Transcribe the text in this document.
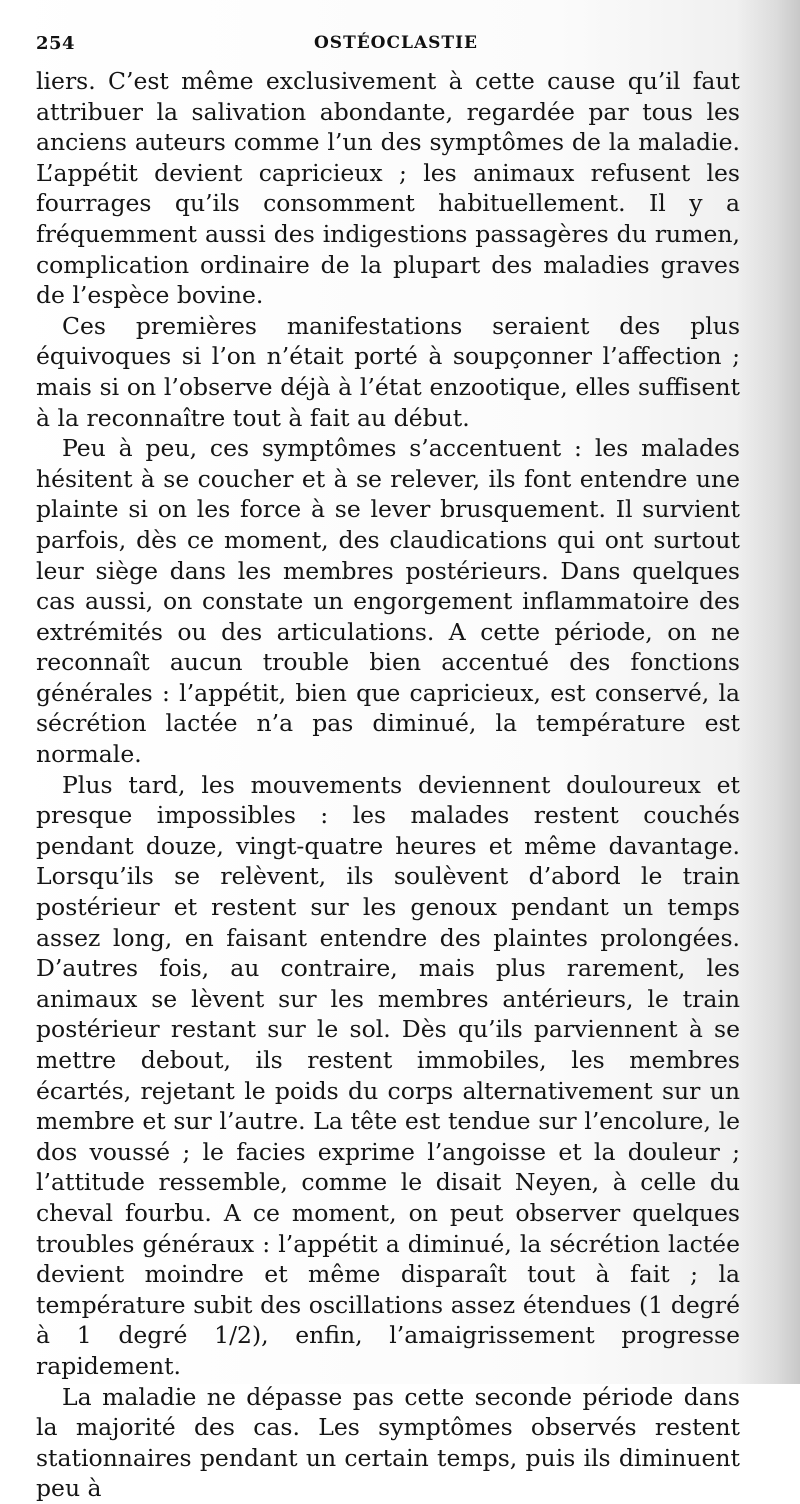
254	OSTÉOCLASTIE

liers. C’est même exclusivement à cette cause qu’il faut attribuer la salivation abondante, regardée par tous les anciens auteurs comme l’un des symptômes de la maladie. L’appétit devient capricieux ; les animaux refusent les fourrages qu’ils consomment habituellement. Il y a fréquemment aussi des indigestions passagères du rumen, complication ordinaire de la plupart des maladies graves de l’espèce bovine.

Ces premières manifestations seraient des plus équivoques si l’on n’était porté à soupçonner l’affection ; mais si on l’observe déjà à l’état enzootique, elles suffisent à la reconnaître tout à fait au début.

Peu à peu, ces symptômes s’accentuent : les malades hésitent à se coucher et à se relever, ils font entendre une plainte si on les force à se lever brusquement. Il survient parfois, dès ce moment, des claudications qui ont surtout leur siège dans les membres postérieurs. Dans quelques cas aussi, on constate un engorgement inflammatoire des extrémités ou des articulations. A cette période, on ne reconnaît aucun trouble bien accentué des fonctions générales : l’appétit, bien que capricieux, est conservé, la sécrétion lactée n’a pas diminué, la température est normale.

Plus tard, les mouvements deviennent douloureux et presque impossibles : les malades restent couchés pendant douze, vingt-quatre heures et même davantage. Lorsqu’ils se relèvent, ils soulèvent d’abord le train postérieur et restent sur les genoux pendant un temps assez long, en faisant entendre des plaintes prolongées. D’autres fois, au contraire, mais plus rarement, les animaux se lèvent sur les membres antérieurs, le train postérieur restant sur le sol. Dès qu’ils parviennent à se mettre debout, ils restent immobiles, les membres écartés, rejetant le poids du corps alternativement sur un membre et sur l’autre. La tête est tendue sur l’encolure, le dos voussé ; le facies exprime l’angoisse et la douleur ; l’attitude ressemble, comme le disait Neyen, à celle du cheval fourbu. A ce moment, on peut observer quelques troubles généraux : l’appétit a diminué, la sécrétion lactée devient moindre et même disparaît tout à fait ; la température subit des oscillations assez étendues (1 degré à 1 degré 1/2), enfin, l’amaigrissement progresse rapidement.

La maladie ne dépasse pas cette seconde période dans la majorité des cas. Les symptômes observés restent stationnaires pendant un certain temps, puis ils diminuent peu à
